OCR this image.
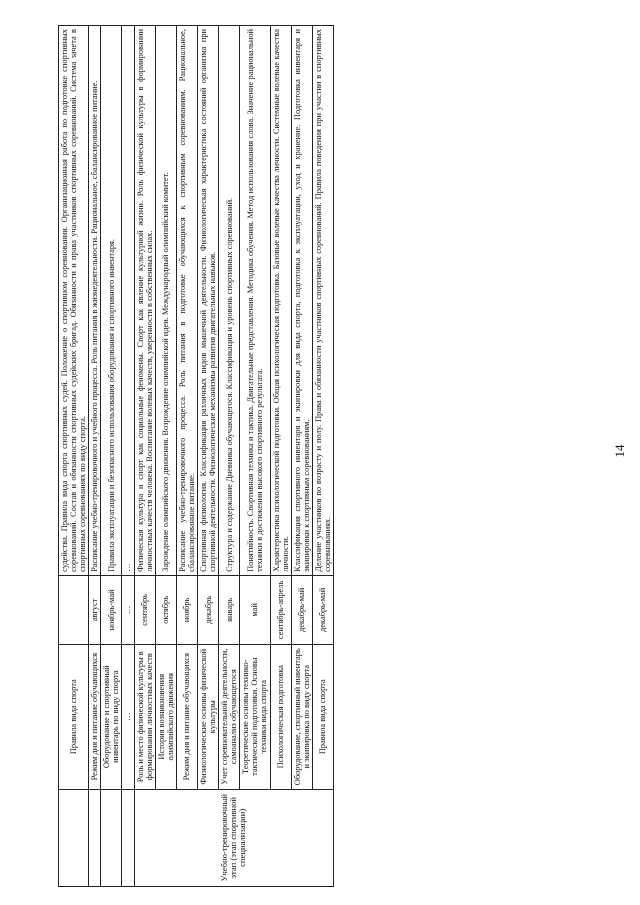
14
	Правила вида спорта		судейства. Правила вида спорта спортивных судей. Положение о спортивном соревновании. Организационная работа по подготовке спортивных соревнований. Состав и обязанности спортивных судейских бригад. Обязанности и права участников спортивных соревнований. Система зачета в спортивных соревнованиях по виду спорта.
	Режим дня и питание обучающихся	август	Расписание учебно-тренировочного и учебного процесса. Роль питания в жизнедеятельности. Рациональное, сбалансированное питание.
	Оборудование и спортивный инвентарь по виду спорта	ноябрь-май	Правила эксплуатации и безопасного использования оборудования и спортивного инвентаря.
	…	…	…
Учебно-тренировочный этап (этап спортивной специализации)	Роль и место физической культуры в формировании личностных качеств	сентябрь	Физическая культура и спорт как социальные феномены. Спорт как явление культурной жизни. Роль физической культуры в формировании личностных качеств человека. Воспитание волевых качеств, уверенности в собственных силах.
	История возникновения олимпийского движения	октябрь	Зарождение олимпийского движения. Возрождение олимпийской идеи. Международный олимпийский комитет.
	Режим дня и питание обучающихся	ноябрь	Расписание учебно-тренировочного процесса. Роль питания в подготовке обучающихся к спортивным соревнованиям. Рациональное, сбалансированное питание.
	Физиологические основы физической культуры	декабрь	Спортивная физиология. Классификация различных видов мышечной деятельности. Физиологическая характеристика состояний организма при спортивной деятельности. Физиологические механизмы развития двигательных навыков.
	Учет соревновательной деятельности, самоанализ обучающегося	январь	Структура и содержание Дневника обучающегося. Классификация и уровень спортивных соревнований.
	Теоретические основы технико-тактической подготовки. Основы техники вида спорта	май	Понятийность. Спортивная техника и тактика. Двигательные представления. Методика обучения. Метод использования слова. Значение рациональной техники в достижении высокого спортивного результата.
	Психологическая подготовка	сентябрь-апрель	Характеристика психологической подготовки. Общая психологическая подготовка. Базовые волевые качества личности. Системные волевые качества личности.
	Оборудование, спортивный инвентарь и экипировка по виду спорта	декабрь-май	Классификация спортивного инвентаря и экипировки для вида спорта, подготовка к эксплуатации, уход и хранение. Подготовка инвентаря и экипировки к спортивным соревнованиям.
	Правила вида спорта	декабрь-май	Деление участников по возрасту и полу. Права и обязанности участников спортивных соревнований. Правила поведения при участии в спортивных соревнованиях.
